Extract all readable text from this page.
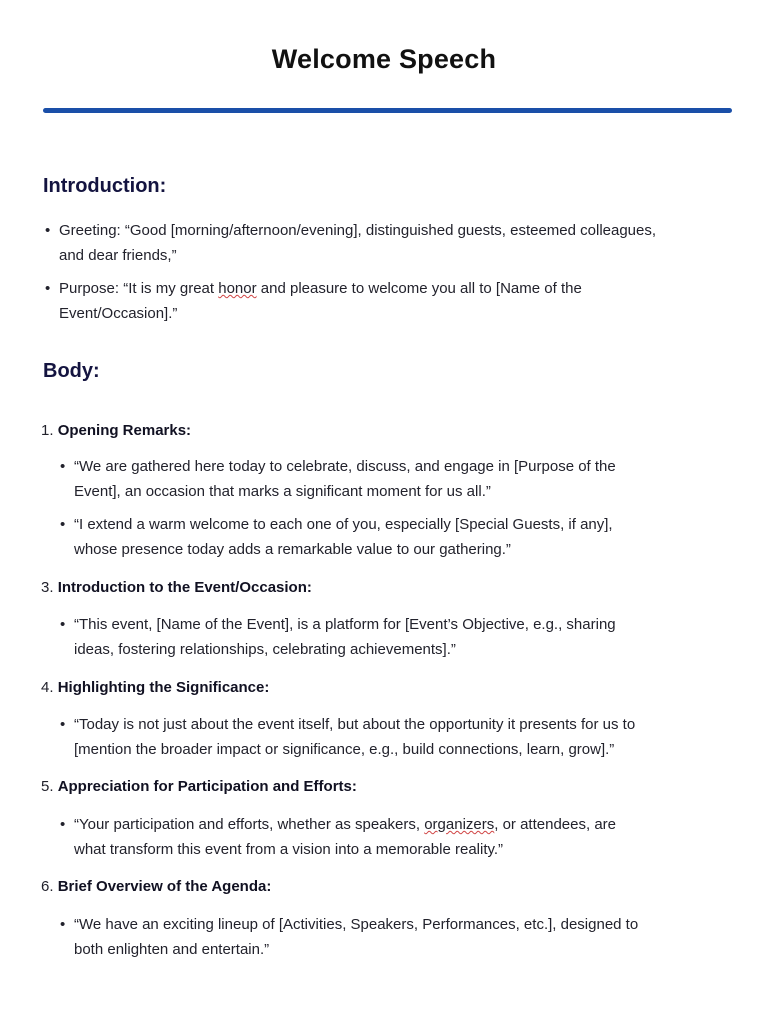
Welcome Speech
Introduction:
• Greeting: “Good [morning/afternoon/evening], distinguished guests, esteemed colleagues,
and dear friends,”
• Purpose: “It is my great honor and pleasure to welcome you all to [Name of the
Event/Occasion].”
Body:
1. Opening Remarks:
• “We are gathered here today to celebrate, discuss, and engage in [Purpose of the
Event], an occasion that marks a significant moment for us all.”
• “I extend a warm welcome to each one of you, especially [Special Guests, if any],
whose presence today adds a remarkable value to our gathering.”
3. Introduction to the Event/Occasion:
• “This event, [Name of the Event], is a platform for [Event’s Objective, e.g., sharing
ideas, fostering relationships, celebrating achievements].”
4. Highlighting the Significance:
• “Today is not just about the event itself, but about the opportunity it presents for us to
[mention the broader impact or significance, e.g., build connections, learn, grow].”
5. Appreciation for Participation and Efforts:
• “Your participation and efforts, whether as speakers, organizers, or attendees, are
what transform this event from a vision into a memorable reality.”
6. Brief Overview of the Agenda:
• “We have an exciting lineup of [Activities, Speakers, Performances, etc.], designed to
both enlighten and entertain.”
